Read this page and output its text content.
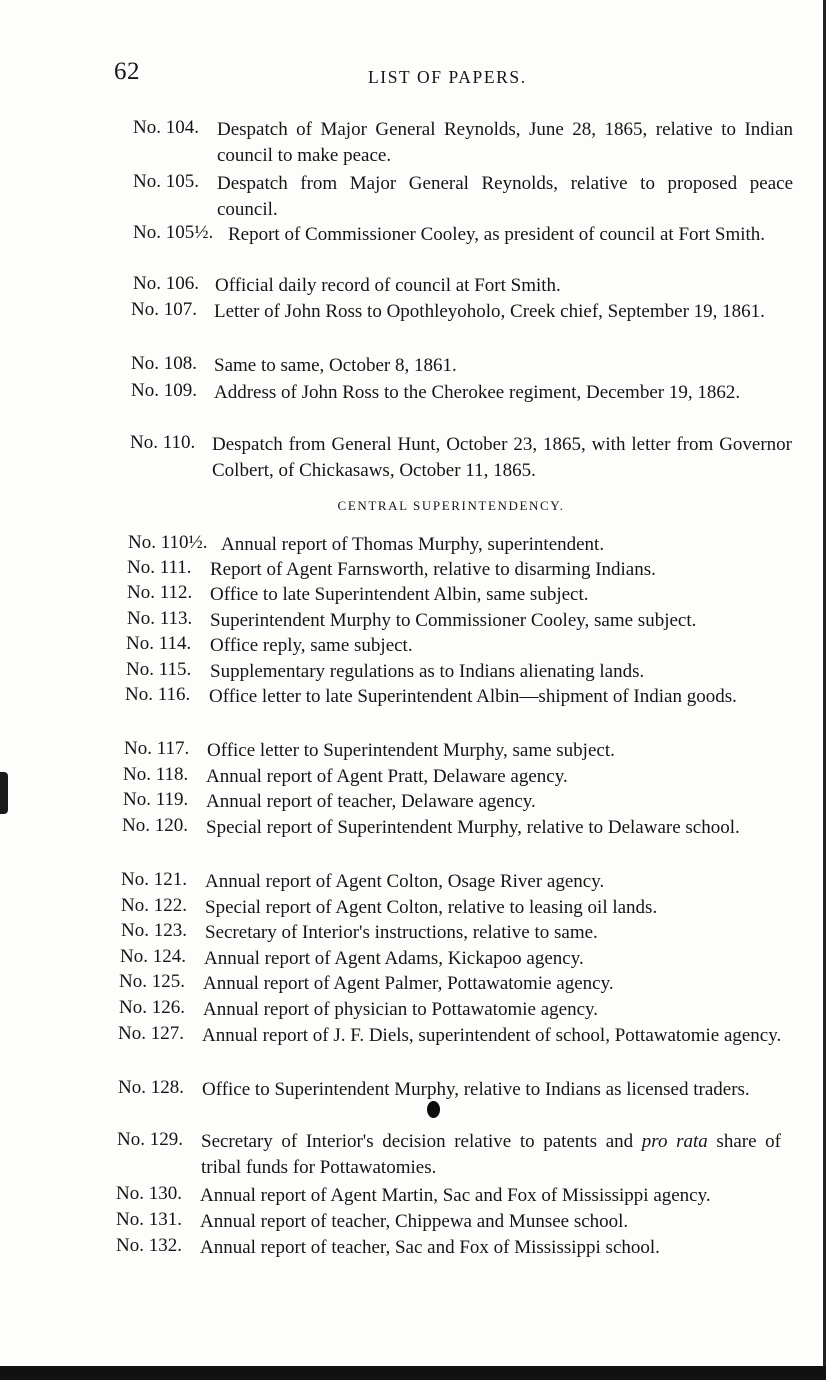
62	LIST OF PAPERS.
CENTRAL SUPERINTENDENCY.
No. 104. Despatch of Major General Reynolds, June 28, 1865, relative to Indian council to make peace.
No. 105. Despatch from Major General Reynolds, relative to proposed peace council.
No. 105½. Report of Commissioner Cooley, as president of council at Fort Smith.
No. 106. Official daily record of council at Fort Smith.
No. 107. Letter of John Ross to Opothleyoholo, Creek chief, September 19, 1861.
No. 108. Same to same, October 8, 1861.
No. 109. Address of John Ross to the Cherokee regiment, December 19, 1862.
No. 110. Despatch from General Hunt, October 23, 1865, with letter from Governor Colbert, of Chickasaws, October 11, 1865.
No. 110½. Annual report of Thomas Murphy, superintendent.
No. 111. Report of Agent Farnsworth, relative to disarming Indians.
No. 112. Office to late Superintendent Albin, same subject.
No. 113. Superintendent Murphy to Commissioner Cooley, same subject.
No. 114. Office reply, same subject.
No. 115. Supplementary regulations as to Indians alienating lands.
No. 116. Office letter to late Superintendent Albin—shipment of Indian goods.
No. 117. Office letter to Superintendent Murphy, same subject.
No. 118. Annual report of Agent Pratt, Delaware agency.
No. 119. Annual report of teacher, Delaware agency.
No. 120. Special report of Superintendent Murphy, relative to Delaware school.
No. 121. Annual report of Agent Colton, Osage River agency.
No. 122. Special report of Agent Colton, relative to leasing oil lands.
No. 123. Secretary of Interior's instructions, relative to same.
No. 124. Annual report of Agent Adams, Kickapoo agency.
No. 125. Annual report of Agent Palmer, Pottawatomie agency.
No. 126. Annual report of physician to Pottawatomie agency.
No. 127. Annual report of J. F. Diels, superintendent of school, Pottawatomie agency.
No. 128. Office to Superintendent Murphy, relative to Indians as licensed traders.
No. 129. Secretary of Interior's decision relative to patents and pro rata share of tribal funds for Pottawatomies.
No. 130. Annual report of Agent Martin, Sac and Fox of Mississippi agency.
No. 131. Annual report of teacher, Chippewa and Munsee school.
No. 132. Annual report of teacher, Sac and Fox of Mississippi school.
